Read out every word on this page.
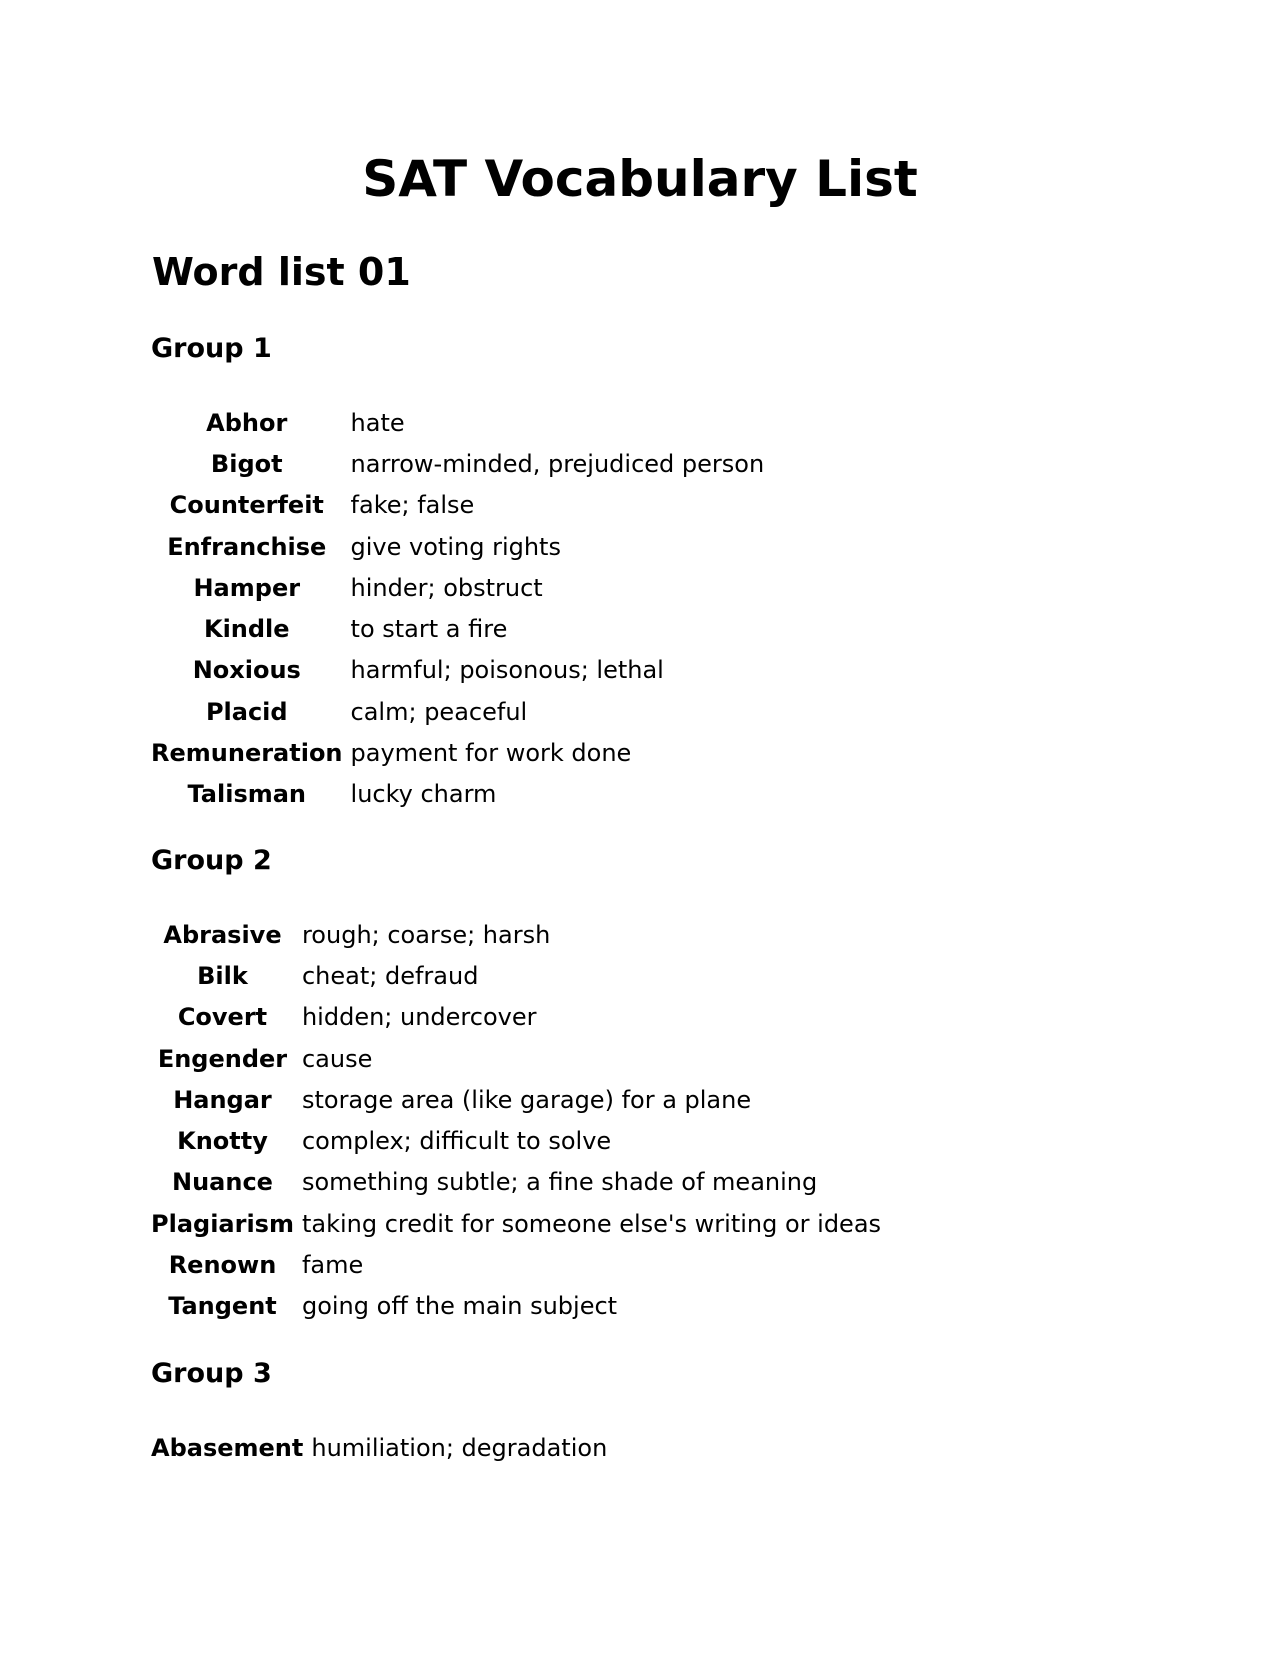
SAT Vocabulary List
Word list 01
Group 1
Abhor	hate
Bigot	narrow-minded, prejudiced person
Counterfeit	fake; false
Enfranchise	give voting rights
Hamper	hinder; obstruct
Kindle	to start a fire
Noxious	harmful; poisonous; lethal
Placid	calm; peaceful
Remuneration	payment for work done
Talisman	lucky charm
Group 2
Abrasive	rough; coarse; harsh
Bilk	cheat; defraud
Covert	hidden; undercover
Engender	cause
Hangar	storage area (like garage) for a plane
Knotty	complex; difficult to solve
Nuance	something subtle; a fine shade of meaning
Plagiarism	taking credit for someone else's writing or ideas
Renown	fame
Tangent	going off the main subject
Group 3
Abasement	humiliation; degradation
